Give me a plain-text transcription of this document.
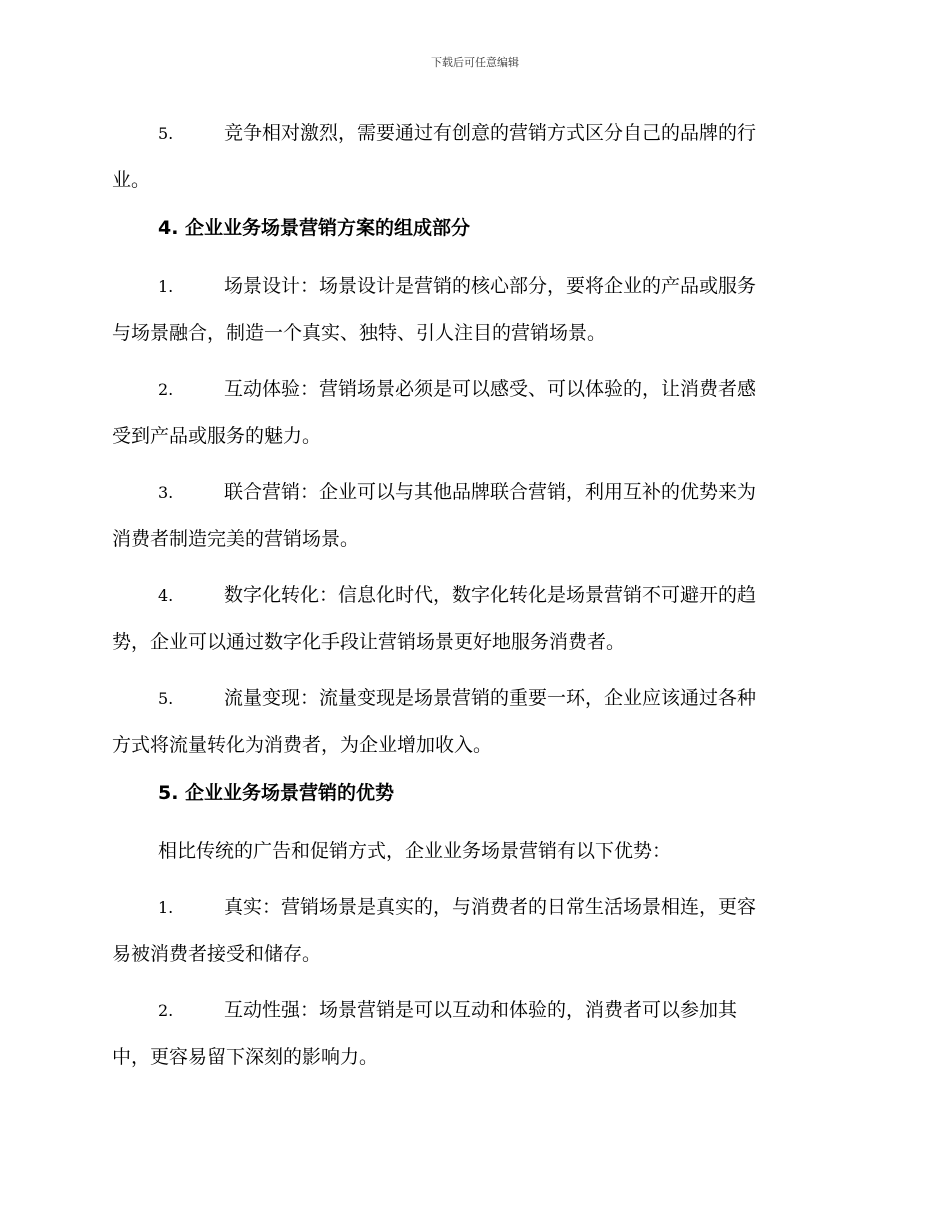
下载后可任意编辑
5.	竞争相对激烈，需要通过有创意的营销方式区分自己的品牌的行
业。
4. 企业业务场景营销方案的组成部分
1.	场景设计：场景设计是营销的核心部分，要将企业的产品或服务
与场景融合，制造一个真实、独特、引人注目的营销场景。
2.	互动体验：营销场景必须是可以感受、可以体验的，让消费者感
受到产品或服务的魅力。
3.	联合营销：企业可以与其他品牌联合营销，利用互补的优势来为
消费者制造完美的营销场景。
4.	数字化转化：信息化时代，数字化转化是场景营销不可避开的趋
势，企业可以通过数字化手段让营销场景更好地服务消费者。
5.	流量变现：流量变现是场景营销的重要一环，企业应该通过各种
方式将流量转化为消费者，为企业增加收入。
5. 企业业务场景营销的优势
相比传统的广告和促销方式，企业业务场景营销有以下优势：
1.	真实：营销场景是真实的，与消费者的日常生活场景相连，更容
易被消费者接受和储存。
2.	互动性强：场景营销是可以互动和体验的，消费者可以参加其
中，更容易留下深刻的影响力。
